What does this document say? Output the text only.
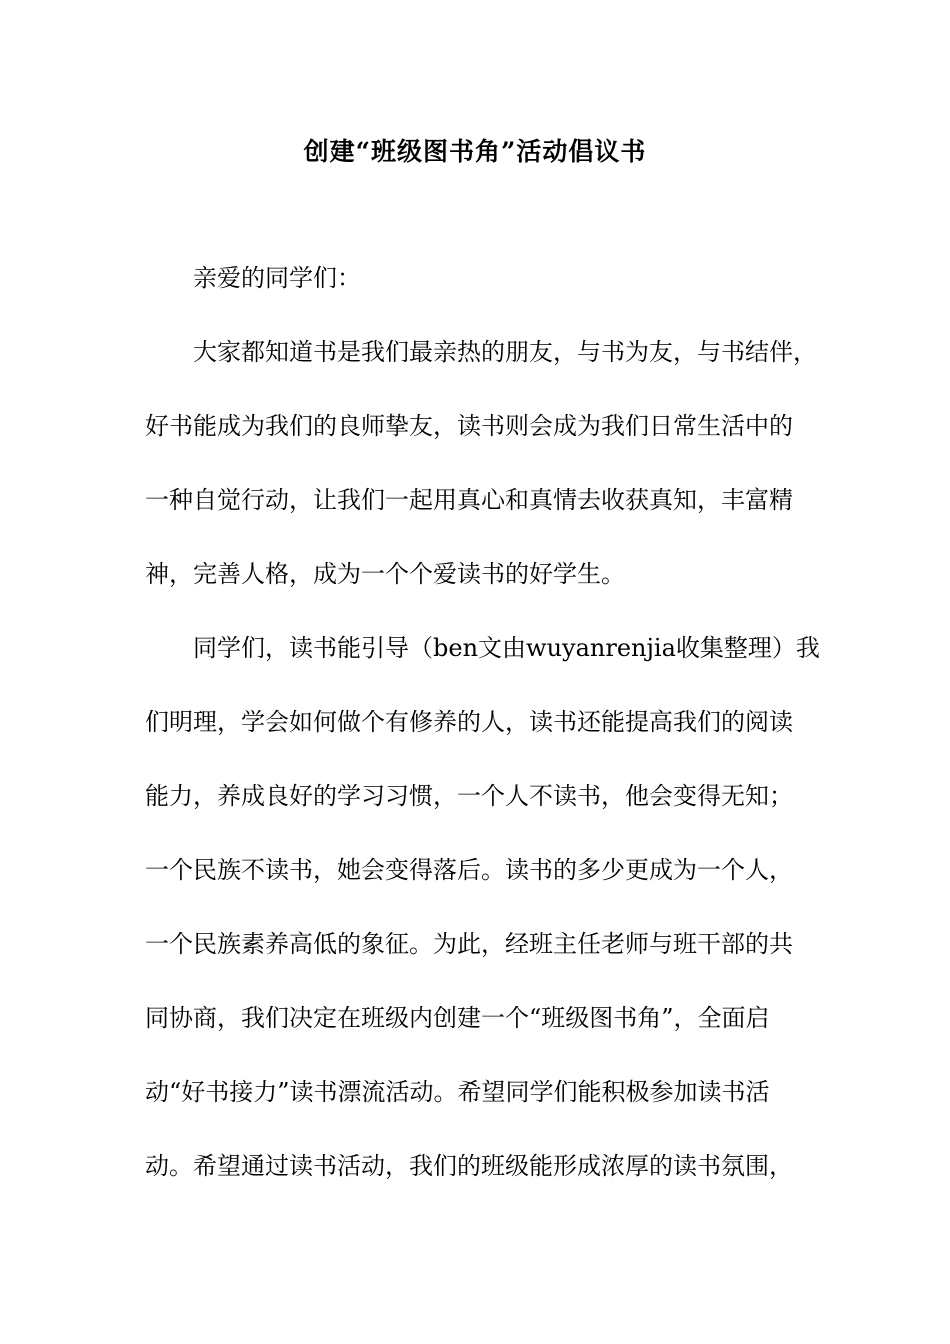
创建“班级图书角”活动倡议书
亲爱的同学们：
大家都知道书是我们最亲热的朋友，与书为友，与书结伴，
好书能成为我们的良师挚友，读书则会成为我们日常生活中的
一种自觉行动，让我们一起用真心和真情去收获真知，丰富精
神，完善人格，成为一个个爱读书的好学生。
同学们，读书能引导（ben文由wuyanrenjia收集整理）我
们明理，学会如何做个有修养的人，读书还能提高我们的阅读
能力，养成良好的学习习惯，一个人不读书，他会变得无知；
一个民族不读书，她会变得落后。读书的多少更成为一个人，
一个民族素养高低的象征。为此，经班主任老师与班干部的共
同协商，我们决定在班级内创建一个“班级图书角”，全面启
动“好书接力”读书漂流活动。希望同学们能积极参加读书活
动。希望通过读书活动，我们的班级能形成浓厚的读书氛围，
